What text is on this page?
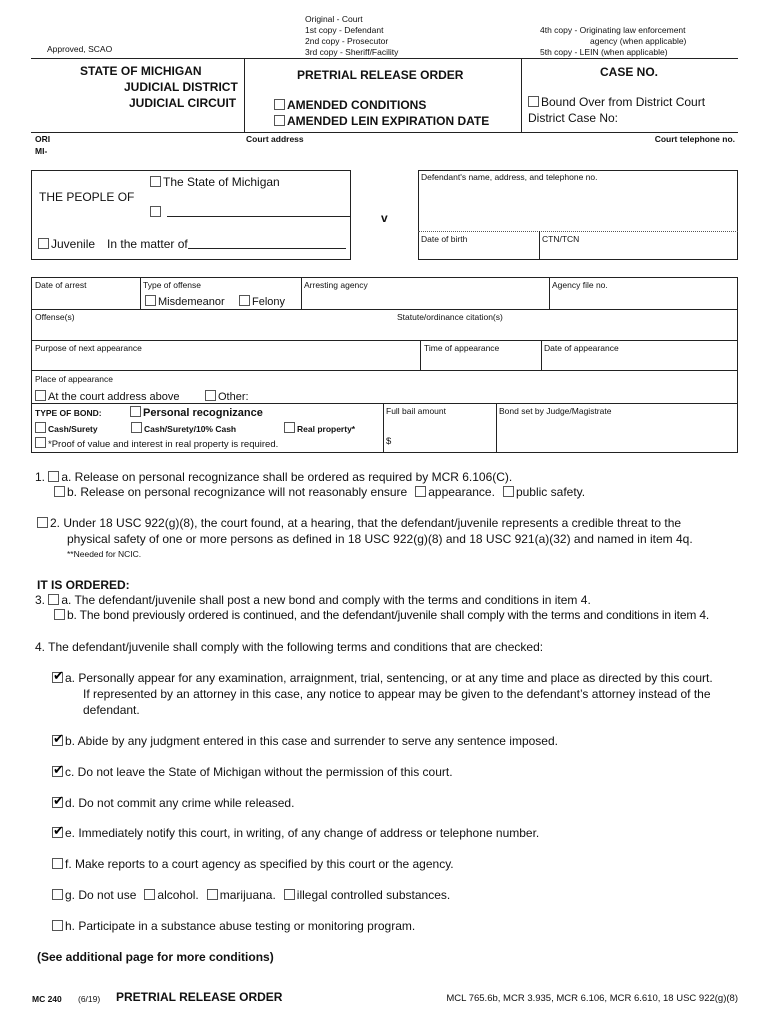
Approved, SCAO
Original - Court
1st copy - Defendant
2nd copy - Prosecutor
3rd copy - Sheriff/Facility
4th copy - Originating law enforcement
agency (when applicable)
5th copy - LEIN (when applicable)
STATE OF MICHIGAN
JUDICIAL DISTRICT
JUDICIAL CIRCUIT
PRETRIAL RELEASE ORDER
AMENDED CONDITIONS
AMENDED LEIN EXPIRATION DATE
CASE NO.
Bound Over from District Court
District Case No:
ORI
MI-
Court address	Court telephone no.
The State of Michigan
THE PEOPLE OF
Juvenile In the matter of
v
Defendant's name, address, and telephone no.
Date of birth	CTN/TCN
Date of arrest	Type of offense
Misdemeanor	Felony
Arresting agency	Agency file no.
Offense(s)	Statute/ordinance citation(s)
Purpose of next appearance	Time of appearance	Date of appearance
Place of appearance
At the court address above	Other:
TYPE OF BOND:	Personal recognizance
Cash/Surety	Cash/Surety/10% Cash	Real property*
*Proof of value and interest in real property is required.
Full bail amount
$
Bond set by Judge/Magistrate
1. a. Release on personal recognizance shall be ordered as required by MCR 6.106(C).
b. Release on personal recognizance will not reasonably ensure appearance. public safety.
2. Under 18 USC 922(g)(8), the court found, at a hearing, that the defendant/juvenile represents a credible threat to the
physical safety of one or more persons as defined in 18 USC 922(g)(8) and 18 USC 921(a)(32) and named in item 4q.
**Needed for NCIC.
IT IS ORDERED:
3. a. The defendant/juvenile shall post a new bond and comply with the terms and conditions in item 4.
b. The bond previously ordered is continued, and the defendant/juvenile shall comply with the terms and conditions in item 4.
4. The defendant/juvenile shall comply with the following terms and conditions that are checked:
✔a. Personally appear for any examination, arraignment, trial, sentencing, or at any time and place as directed by this court.
If represented by an attorney in this case, any notice to appear may be given to the defendant’s attorney instead of the
defendant.
✔b. Abide by any judgment entered in this case and surrender to serve any sentence imposed.
✔c. Do not leave the State of Michigan without the permission of this court.
✔d. Do not commit any crime while released.
✔e. Immediately notify this court, in writing, of any change of address or telephone number.
f. Make reports to a court agency as specified by this court or the agency.
g. Do not use alcohol. marijuana. illegal controlled substances.
h. Participate in a substance abuse testing or monitoring program.
(See additional page for more conditions)
MC 240 (6/19) PRETRIAL RELEASE ORDER	MCL 765.6b, MCR 3.935, MCR 6.106, MCR 6.610, 18 USC 922(g)(8)
